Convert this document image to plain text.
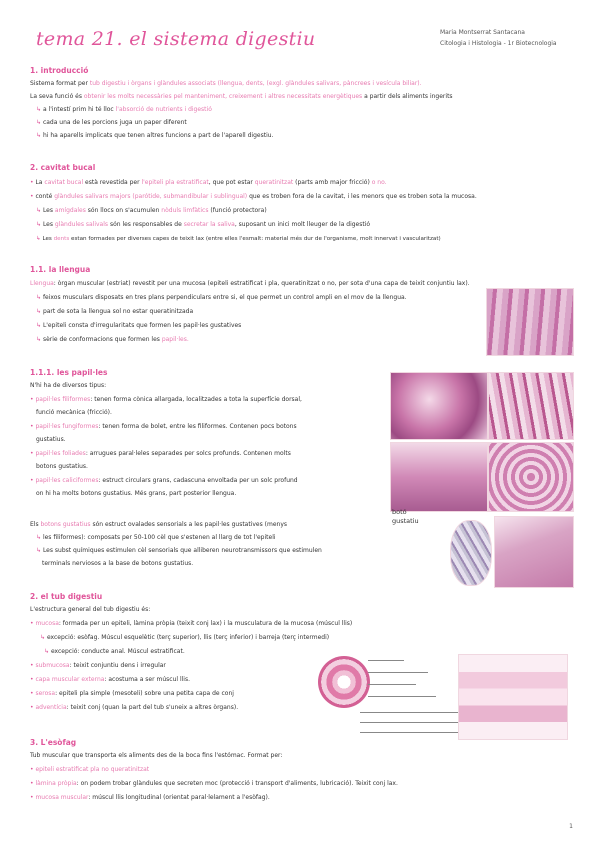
tema 21. el sistema digestiu	Maria Montserrat Santacana
Citologia i Histologia - 1r Biotecnologia
1. introducció
Sistema format per tub digestiu i òrgans i glàndules associats (llengua, dents, (exgl. glàndules salivars, pàncrees i vesícula biliar).
La seva funció és obtenir les molts necessàries pel manteniment, creixement i altres necessitats energètiques a partir dels aliments ingerits
↳ a l'intestí prim hi té lloc l'absorció de nutrients i digestió
↳ cada una de les porcions juga un paper diferent
↳ hi ha aparells implicats que tenen altres funcions a part de l'aparell digestiu.
2. cavitat bucal
• La cavitat bucal està revestida per l'epiteli pla estratificat, que pot estar queratinitzat (parts amb major fricció) o no.
• conté glàndules salivars majors (parótide, submandibular i sublingual) que es troben fora de la cavitat, i les menors que es troben sota la mucosa.
↳ Les amígdales són llocs on s'acumulen nòduls limfàtics (funció protectora)
↳ Les glàndules salivals són les responsables de secretar la saliva, suposant un inici molt lleuger de la digestió
↳ Les dents estan formades per diverses capes de teixit lax (entre elles l'esmalt: material més dur de l'organisme, molt innervat i vascularitzat)
1.1. la llengua
Llengua: òrgan muscular (estriat) revestit per una mucosa (epiteli estratificat i pla, queratinitzat o no, per sota d'una capa de teixit conjuntiu lax).
↳ feixos musculars disposats en tres plans perpendiculars entre si, el que permet un control ampli en el mov de la llengua.
↳ part de sota la llengua sol no estar queratinitzada
↳ L'epiteli consta d'irregularitats que formen les papil·les gustatives
↳ sèrie de conformacions que formen les papil·les.
1.1.1. les papil·les
N'hi ha de diversos tipus:
• papil·les filiformes: tenen forma cònica allargada, localitzades a tota la superfície dorsal,
funció mecànica (fricció).
• papil·les fungiformes: tenen forma de bolet, entre les filiformes. Contenen pocs botons
gustatius.
• papil·les foliades: arrugues paral·leles separades per solcs profunds. Contenen molts
botons gustatius.
• papil·les caliciformes: estruct circulars grans, cadascuna envoltada per un solc profund
on hi ha molts botons gustatius. Més grans, part posterior llengua.
Els botons gustatius són estruct ovalades sensorials a les papil·les gustatives (menys
↳ les filiformes): composats per 50-100 cèl que s'estenen al llarg de tot l'epiteli
↳ Les subst químiques estimulen cèl sensorials que alliberen neurotransmissors que estimulen
terminals nerviosos a la base de botons gustatius.
botó gustatiu
2. el tub digestiu
L'estructura general del tub digestiu és:
• mucosa: formada per un epiteli, làmina pròpia (teixit conj lax) i la musculatura de la mucosa (múscul llis)
↳ excepció: esòfag. Múscul esquelètic (terç superior), llis (terç inferior) i barreja (terç intermedi)
↳ excepció: conducte anal. Múscul estratificat.
• submucosa: teixit conjuntiu dens i irregular
• capa muscular externa: acostuma a ser múscul llis.
• serosa: epiteli pla simple (mesoteli) sobre una petita capa de conj
• adventícia: teixit conj (quan la part del tub s'uneix a altres òrgans).
3. L'esòfag
Tub muscular que transporta els aliments des de la boca fins l'estómac. Format per:
• epiteli estratificat pla no queratinitzat
• làmina pròpia: on podem trobar glàndules que secreten moc (protecció i transport d'aliments, lubricació). Teixit conj lax.
• mucosa muscular: múscul llis longitudinal (orientat paral·lelament a l'esòfag).
1
